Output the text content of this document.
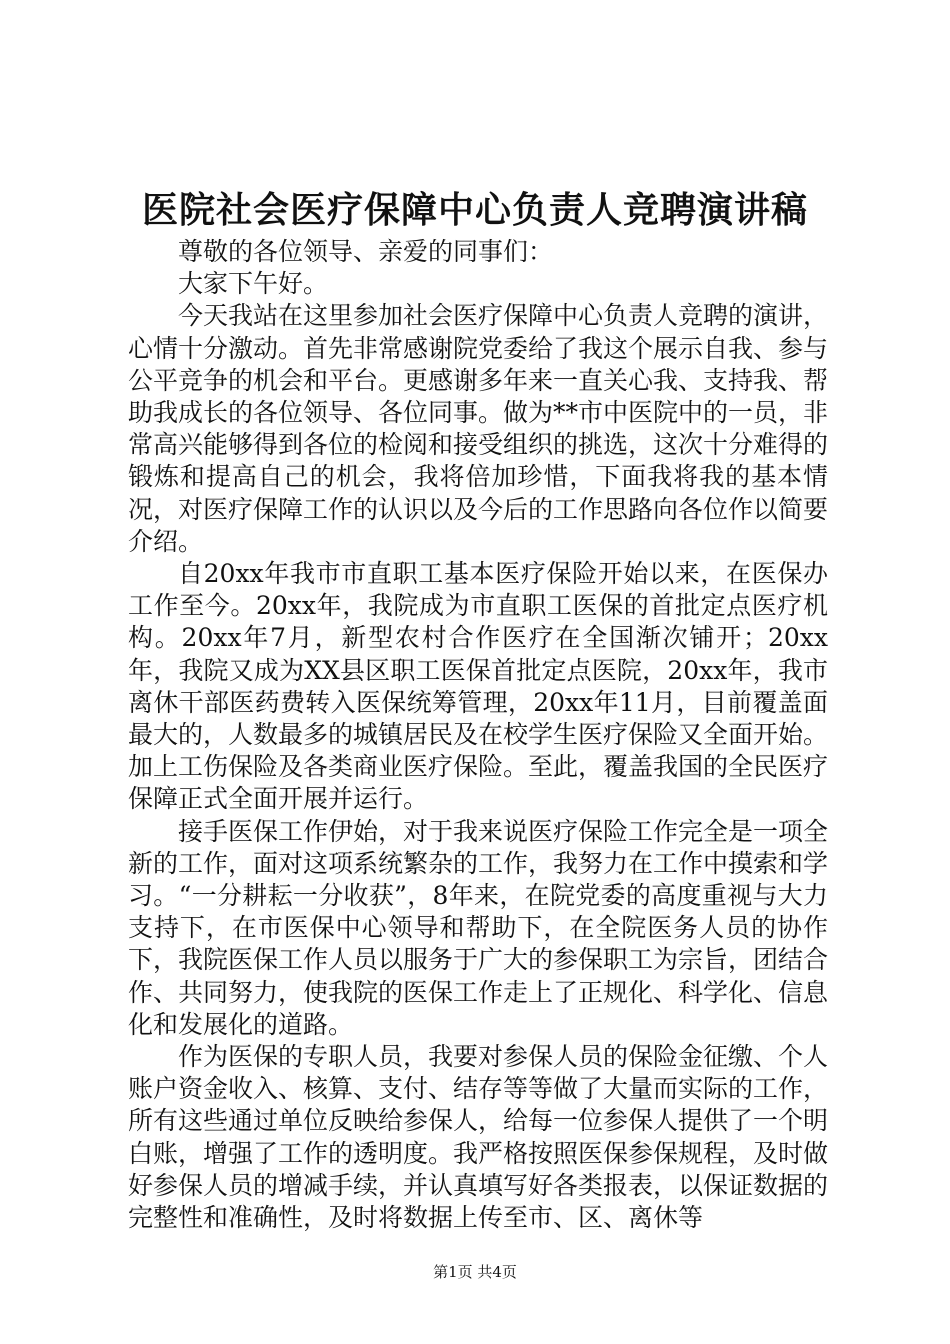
医院社会医疗保障中心负责人竞聘演讲稿

尊敬的各位领导、亲爱的同事们：

大家下午好。

今天我站在这里参加社会医疗保障中心负责人竞聘的演讲，心情十分激动。首先非常感谢院党委给了我这个展示自我、参与公平竞争的机会和平台。更感谢多年来一直关心我、支持我、帮助我成长的各位领导、各位同事。做为**市中医院中的一员，非常高兴能够得到各位的检阅和接受组织的挑选，这次十分难得的锻炼和提高自己的机会，我将倍加珍惜，下面我将我的基本情况，对医疗保障工作的认识以及今后的工作思路向各位作以简要介绍。

自20xx年我市市直职工基本医疗保险开始以来，在医保办工作至今。20xx年，我院成为市直职工医保的首批定点医疗机构。20xx年7月，新型农村合作医疗在全国渐次铺开；20xx年，我院又成为XX县区职工医保首批定点医院，20xx年，我市离休干部医药费转入医保统筹管理，20xx年11月，目前覆盖面最大的，人数最多的城镇居民及在校学生医疗保险又全面开始。加上工伤保险及各类商业医疗保险。至此，覆盖我国的全民医疗保障正式全面开展并运行。

接手医保工作伊始，对于我来说医疗保险工作完全是一项全新的工作，面对这项系统繁杂的工作，我努力在工作中摸索和学习。“一分耕耘一分收获”，8年来，在院党委的高度重视与大力支持下，在市医保中心领导和帮助下，在全院医务人员的协作下，我院医保工作人员以服务于广大的参保职工为宗旨，团结合作、共同努力，使我院的医保工作走上了正规化、科学化、信息化和发展化的道路。

作为医保的专职人员，我要对参保人员的保险金征缴、个人账户资金收入、核算、支付、结存等等做了大量而实际的工作，所有这些通过单位反映给参保人，给每一位参保人提供了一个明白账，增强了工作的透明度。我严格按照医保参保规程，及时做好参保人员的增减手续，并认真填写好各类报表，以保证数据的完整性和准确性，及时将数据上传至市、区、离休等

第1页 共4页
